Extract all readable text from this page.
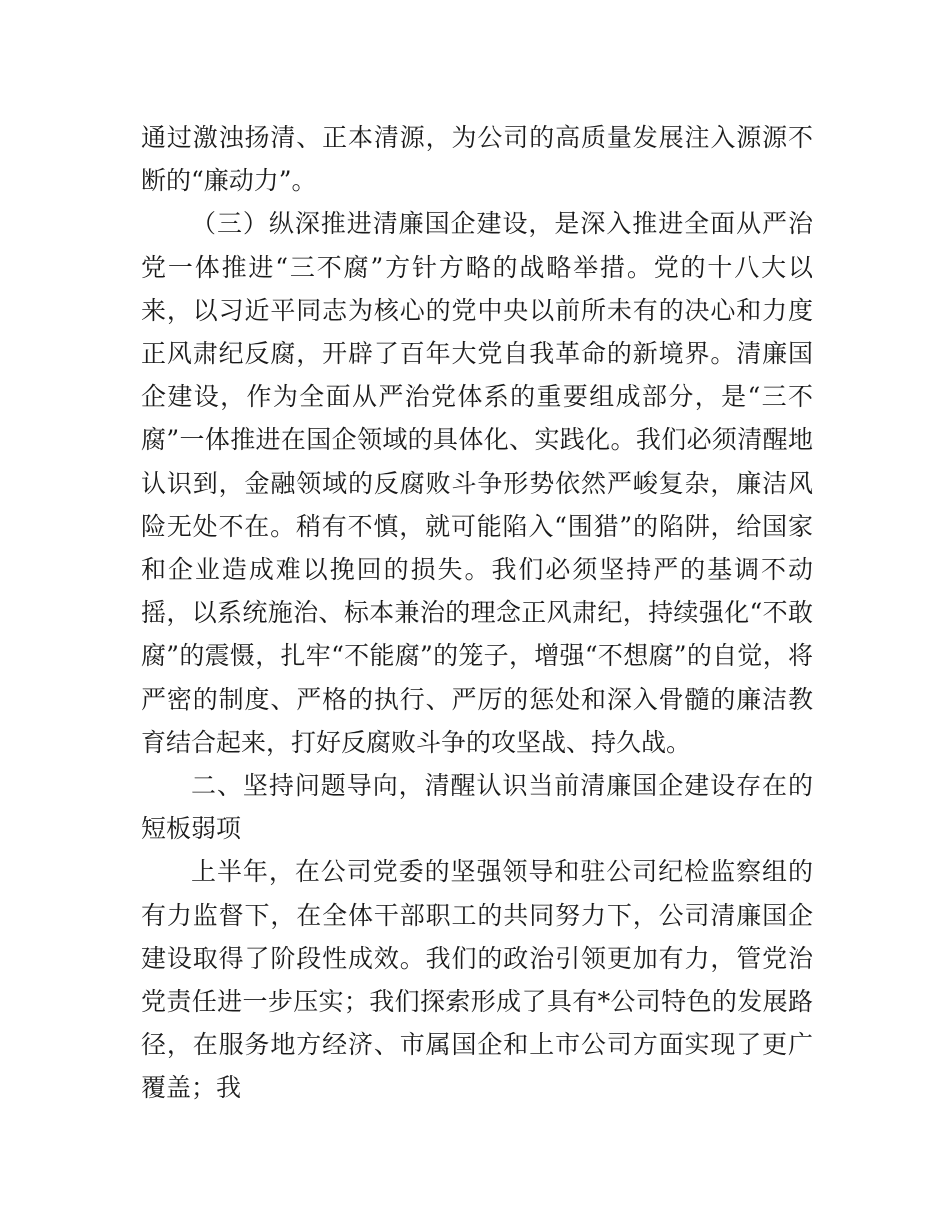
通过激浊扬清、正本清源，为公司的高质量发展注入源源不断的“廉动力”。

（三）纵深推进清廉国企建设，是深入推进全面从严治党一体推进“三不腐”方针方略的战略举措。党的十八大以来，以习近平同志为核心的党中央以前所未有的决心和力度正风肃纪反腐，开辟了百年大党自我革命的新境界。清廉国企建设，作为全面从严治党体系的重要组成部分，是“三不腐”一体推进在国企领域的具体化、实践化。我们必须清醒地认识到，金融领域的反腐败斗争形势依然严峻复杂，廉洁风险无处不在。稍有不慎，就可能陷入“围猎”的陷阱，给国家和企业造成难以挽回的损失。我们必须坚持严的基调不动摇，以系统施治、标本兼治的理念正风肃纪，持续强化“不敢腐”的震慑，扎牢“不能腐”的笼子，增强“不想腐”的自觉，将严密的制度、严格的执行、严厉的惩处和深入骨髓的廉洁教育结合起来，打好反腐败斗争的攻坚战、持久战。

二、坚持问题导向，清醒认识当前清廉国企建设存在的短板弱项

上半年，在公司党委的坚强领导和驻公司纪检监察组的有力监督下，在全体干部职工的共同努力下，公司清廉国企建设取得了阶段性成效。我们的政治引领更加有力，管党治党责任进一步压实；我们探索形成了具有*公司特色的发展路径，在服务地方经济、市属国企和上市公司方面实现了更广覆盖；我
